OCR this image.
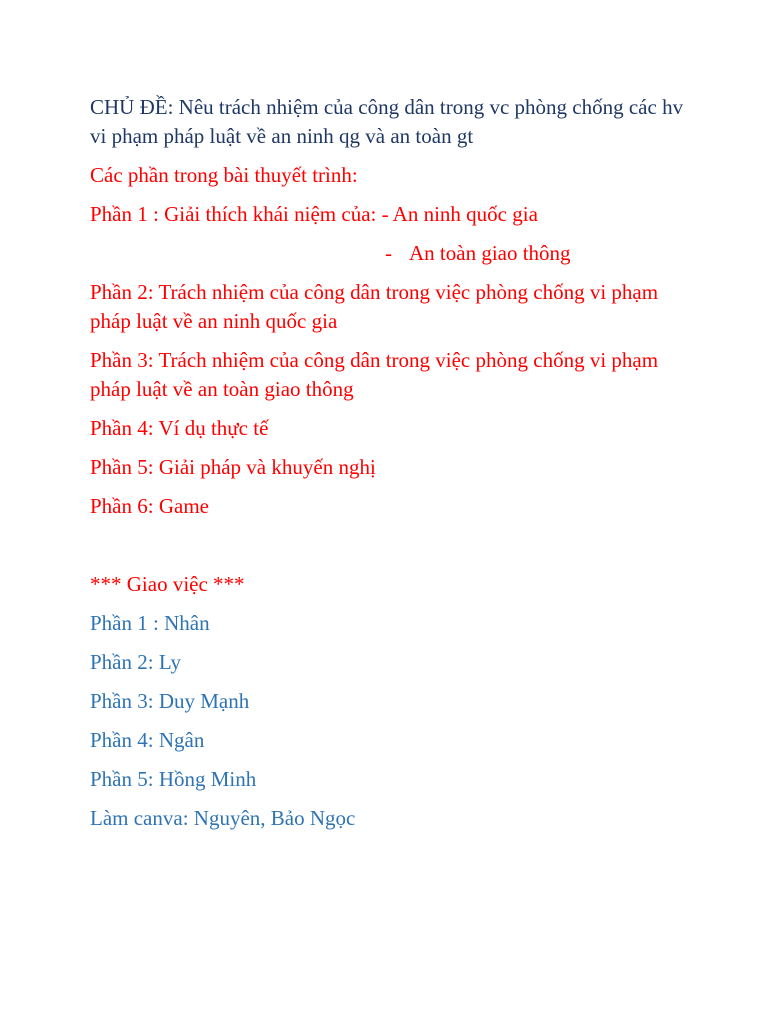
CHỦ ĐỀ: Nêu trách nhiệm của công dân trong vc phòng chống các hv vi phạm pháp luật về an ninh qg và an toàn gt

Các phần trong bài thuyết trình:

Phần 1 : Giải thích khái niệm của: - An ninh quốc gia

- An toàn giao thông

Phần 2: Trách nhiệm của công dân trong việc phòng chống vi phạm pháp luật về an ninh quốc gia

Phần 3: Trách nhiệm của công dân trong việc phòng chống vi phạm pháp luật về an toàn giao thông

Phần 4: Ví dụ thực tế

Phần 5: Giải pháp và khuyến nghị

Phần 6: Game

*** Giao việc ***

Phần 1 : Nhân

Phần 2: Ly

Phần 3: Duy Mạnh

Phần 4: Ngân

Phần 5: Hồng Minh

Làm canva: Nguyên, Bảo Ngọc
